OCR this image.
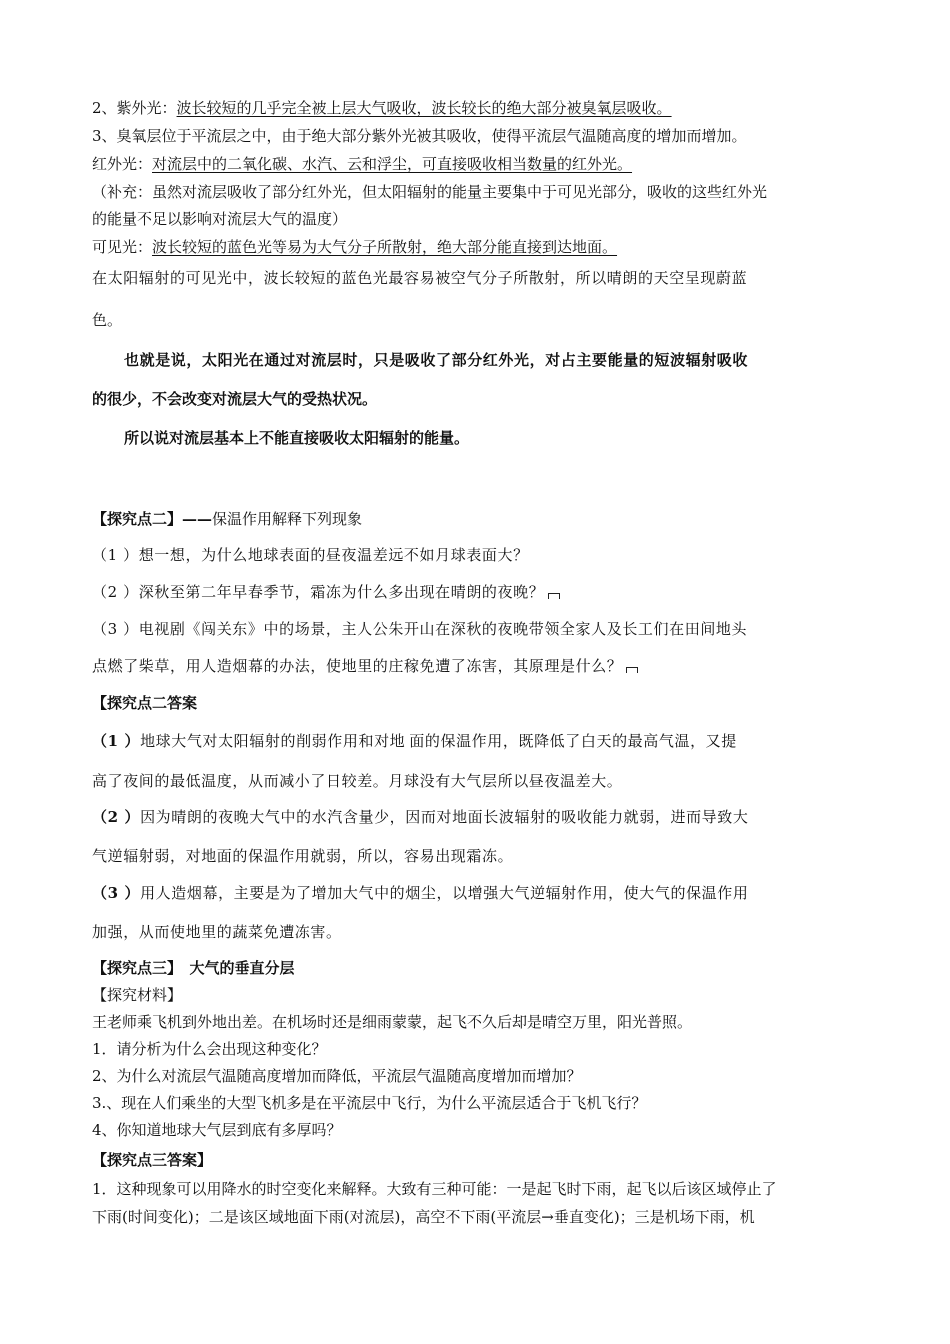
2、紫外光：波长较短的几乎完全被上层大气吸收，波长较长的绝大部分被臭氧层吸收。
3、臭氧层位于平流层之中，由于绝大部分紫外光被其吸收，使得平流层气温随高度的增加而增加。
红外光：对流层中的二氧化碳、水汽、云和浮尘，可直接吸收相当数量的红外光。
（补充：虽然对流层吸收了部分红外光，但太阳辐射的能量主要集中于可见光部分，吸收的这些红外光
的能量不足以影响对流层大气的温度）
可见光：波长较短的蓝色光等易为大气分子所散射，绝大部分能直接到达地面。
在太阳辐射的可见光中，波长较短的蓝色光最容易被空气分子所散射，所以晴朗的天空呈现蔚蓝
色。
也就是说，太阳光在通过对流层时，只是吸收了部分红外光，对占主要能量的短波辐射吸收
的很少，不会改变对流层大气的受热状况。
所以说对流层基本上不能直接吸收太阳辐射的能量。
【探究点二】——保温作用解释下列现象
（1 ）想一想，为什么地球表面的昼夜温差远不如月球表面大？
（2 ）深秋至第二年早春季节，霜冻为什么多出现在晴朗的夜晚？
（3 ）电视剧《闯关东》中的场景，主人公朱开山在深秋的夜晚带领全家人及长工们在田间地头
点燃了柴草，用人造烟幕的办法，使地里的庄稼免遭了冻害，其原理是什么？
【探究点二答案
（1 ）地球大气对太阳辐射的削弱作用和对地 面的保温作用，既降低了白天的最高气温，又提
高了夜间的最低温度，从而减小了日较差。月球没有大气层所以昼夜温差大。
（2 ）因为晴朗的夜晚大气中的水汽含量少，因而对地面长波辐射的吸收能力就弱，进而导致大
气逆辐射弱，对地面的保温作用就弱，所以，容易出现霜冻。
（3 ）用人造烟幕，主要是为了增加大气中的烟尘，以增强大气逆辐射作用，使大气的保温作用
加强，从而使地里的蔬菜免遭冻害。
【探究点三】　大气的垂直分层
【探究材料】
王老师乘飞机到外地出差。在机场时还是细雨蒙蒙，起飞不久后却是晴空万里，阳光普照。
1．请分析为什么会出现这种变化？
2、为什么对流层气温随高度增加而降低，平流层气温随高度增加而增加？
3.、现在人们乘坐的大型飞机多是在平流层中飞行，为什么平流层适合于飞机飞行？
4、你知道地球大气层到底有多厚吗？
【探究点三答案】
1．这种现象可以用降水的时空变化来解释。大致有三种可能：一是起飞时下雨，起飞以后该区域停止了
下雨(时间变化)；二是该区域地面下雨(对流层)，高空不下雨(平流层→垂直变化)；三是机场下雨，机
